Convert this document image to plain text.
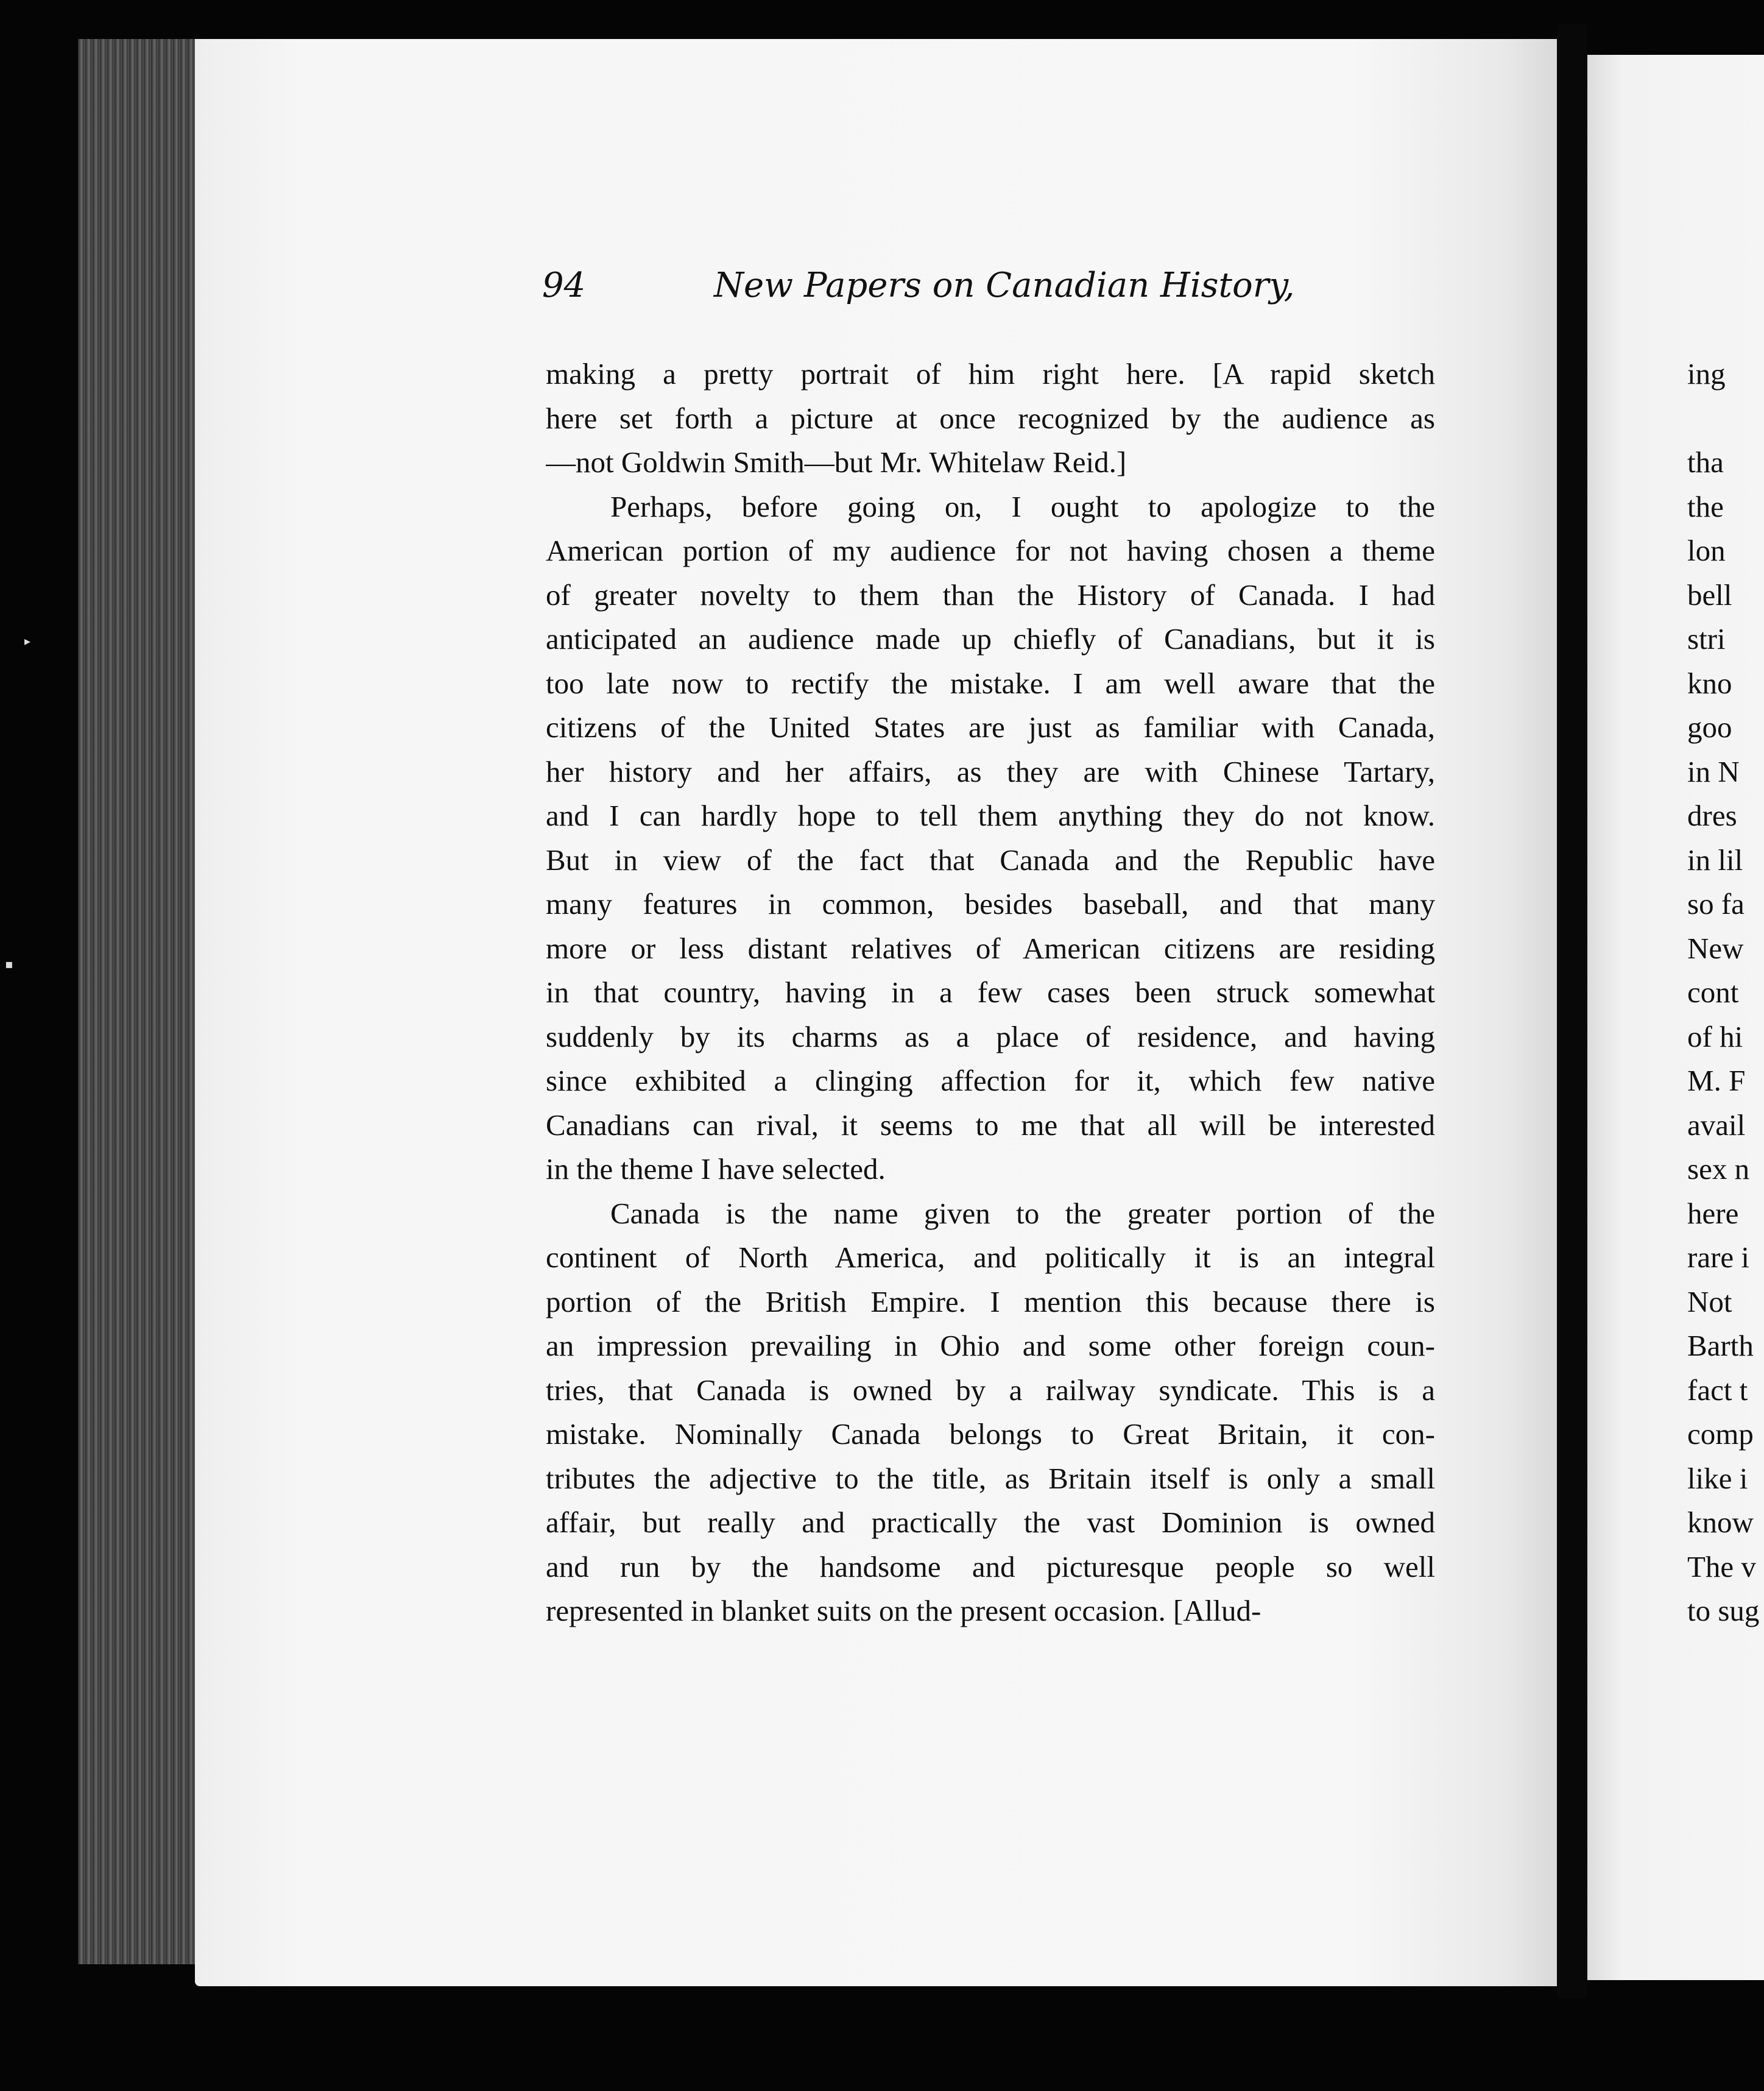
94	New Papers on Canadian History,
making a pretty portrait of him right here. [A rapid sketch
here set forth a picture at once recognized by the audience as
—not Goldwin Smith—but Mr. Whitelaw Reid.]
Perhaps, before going on, I ought to apologize to the
American portion of my audience for not having chosen a theme
of greater novelty to them than the History of Canada. I had
anticipated an audience made up chiefly of Canadians, but it is
too late now to rectify the mistake. I am well aware that the
citizens of the United States are just as familiar with Canada,
her history and her affairs, as they are with Chinese Tartary,
and I can hardly hope to tell them anything they do not know.
But in view of the fact that Canada and the Republic have
many features in common, besides baseball, and that many
more or less distant relatives of American citizens are residing
in that country, having in a few cases been struck somewhat
suddenly by its charms as a place of residence, and having
since exhibited a clinging affection for it, which few native
Canadians can rival, it seems to me that all will be interested
in the theme I have selected.
Canada is the name given to the greater portion of the
continent of North America, and politically it is an integral
portion of the British Empire. I mention this because there is
an impression prevailing in Ohio and some other foreign coun-
tries, that Canada is owned by a railway syndicate. This is a
mistake. Nominally Canada belongs to Great Britain, it con-
tributes the adjective to the title, as Britain itself is only a small
affair, but really and practically the vast Dominion is owned
and run by the handsome and picturesque people so well
represented in blanket suits on the present occasion. [Allud-
ing
tha
the
lon
bell
stri
kno
goo
in N
dres
in lil
so fa
New
cont
of hi
M. F
avail
sex n
here
rare i
Not
Barth
fact t
comp
like i
know
The v
to sug
▸
▪
